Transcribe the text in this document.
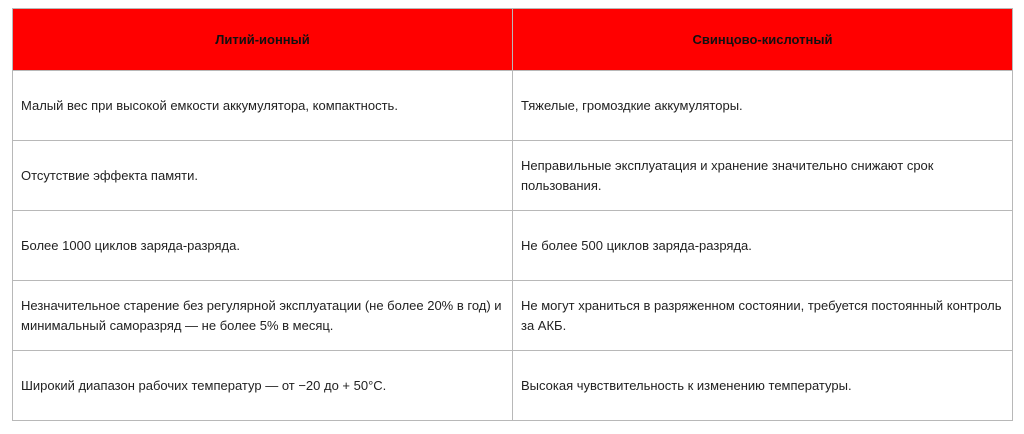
Литий-ионный	Свинцово-кислотный
Малый вес при высокой емкости аккумулятора, компактность.	Тяжелые, громоздкие аккумуляторы.
Отсутствие эффекта памяти.	Неправильные эксплуатация и хранение значительно снижают срок пользования.
Более 1000 циклов заряда-разряда.	Не более 500 циклов заряда-разряда.
Незначительное старение без регулярной эксплуатации (не более 20% в год) и минимальный саморазряд — не более 5% в месяц.	Не могут храниться в разряженном состоянии, требуется постоянный контроль за АКБ.
Широкий диапазон рабочих температур — от −20 до + 50°С.	Высокая чувствительность к изменению температуры.
